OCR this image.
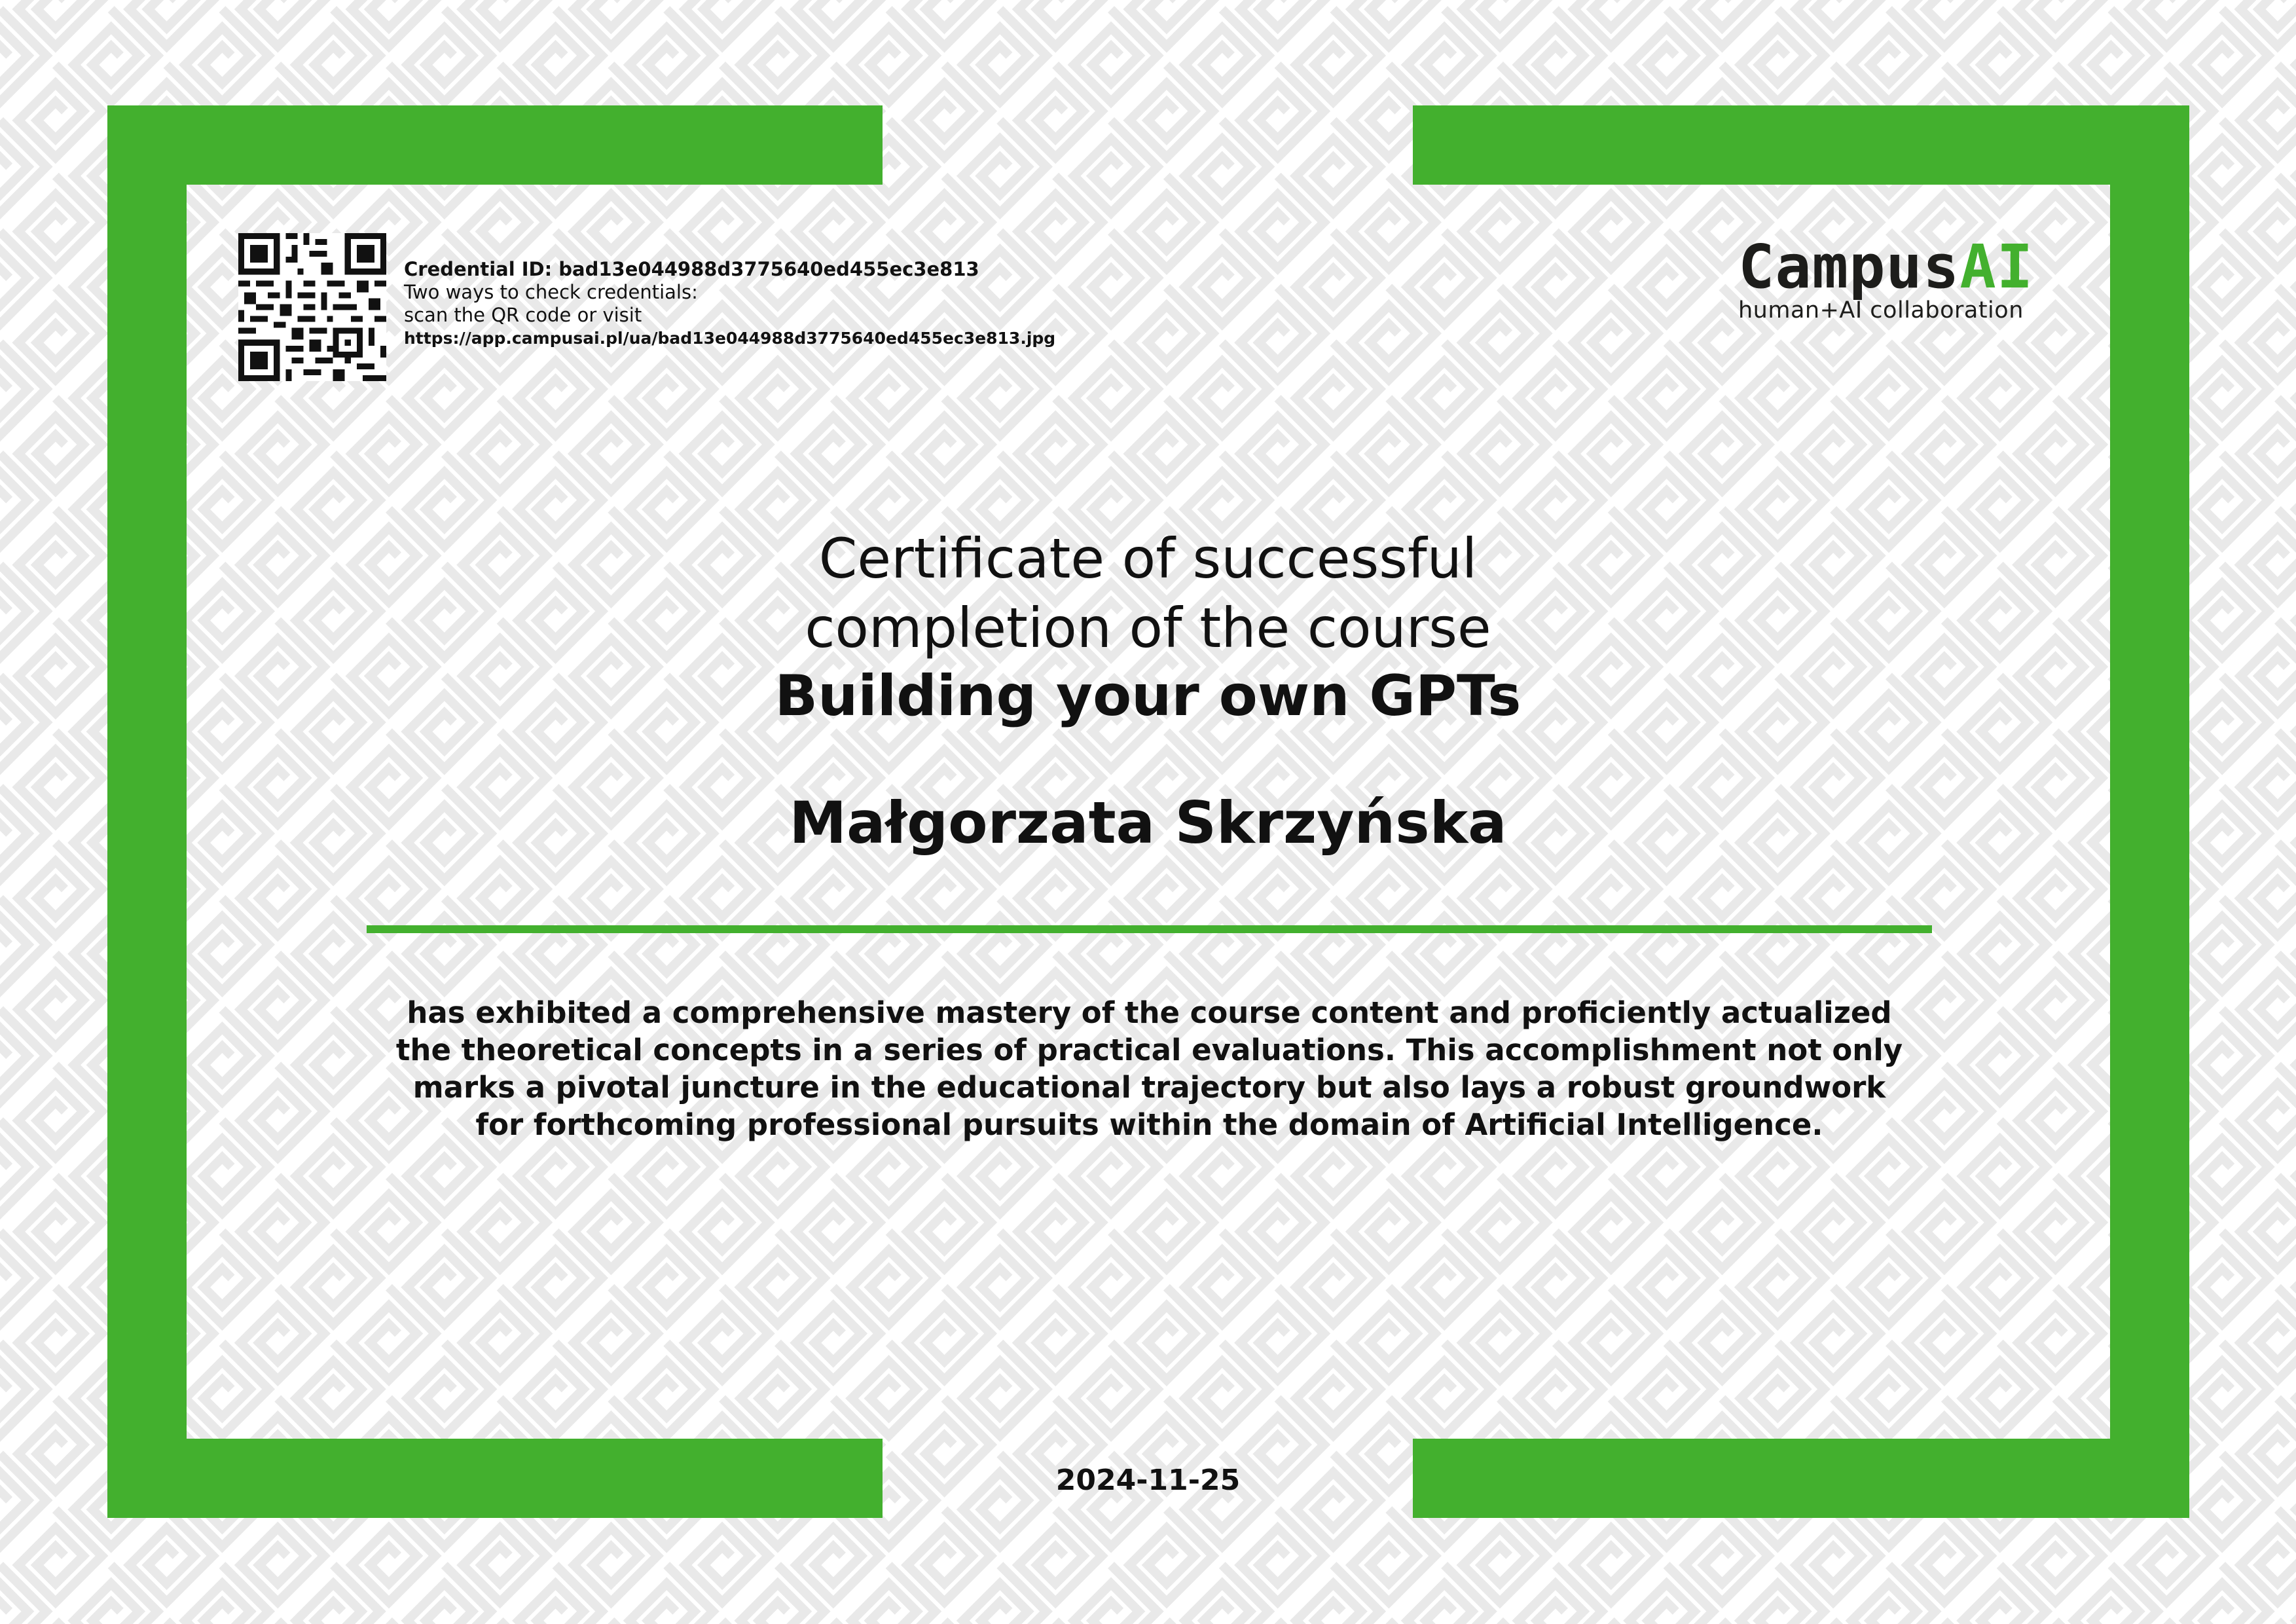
Credential ID: bad13e044988d3775640ed455ec3e813
Two ways to check credentials:
scan the QR code or visit
https://app.campusai.pl/ua/bad13e044988d3775640ed455ec3e813.jpg
CampusAI
human+AI collaboration
Certificate of successful
completion of the course
Building your own GPTs
Małgorzata Skrzyńska
has exhibited a comprehensive mastery of the course content and proficiently actualized
the theoretical concepts in a series of practical evaluations. This accomplishment not only
marks a pivotal juncture in the educational trajectory but also lays a robust groundwork
for forthcoming professional pursuits within the domain of Artificial Intelligence.
2024-11-25
